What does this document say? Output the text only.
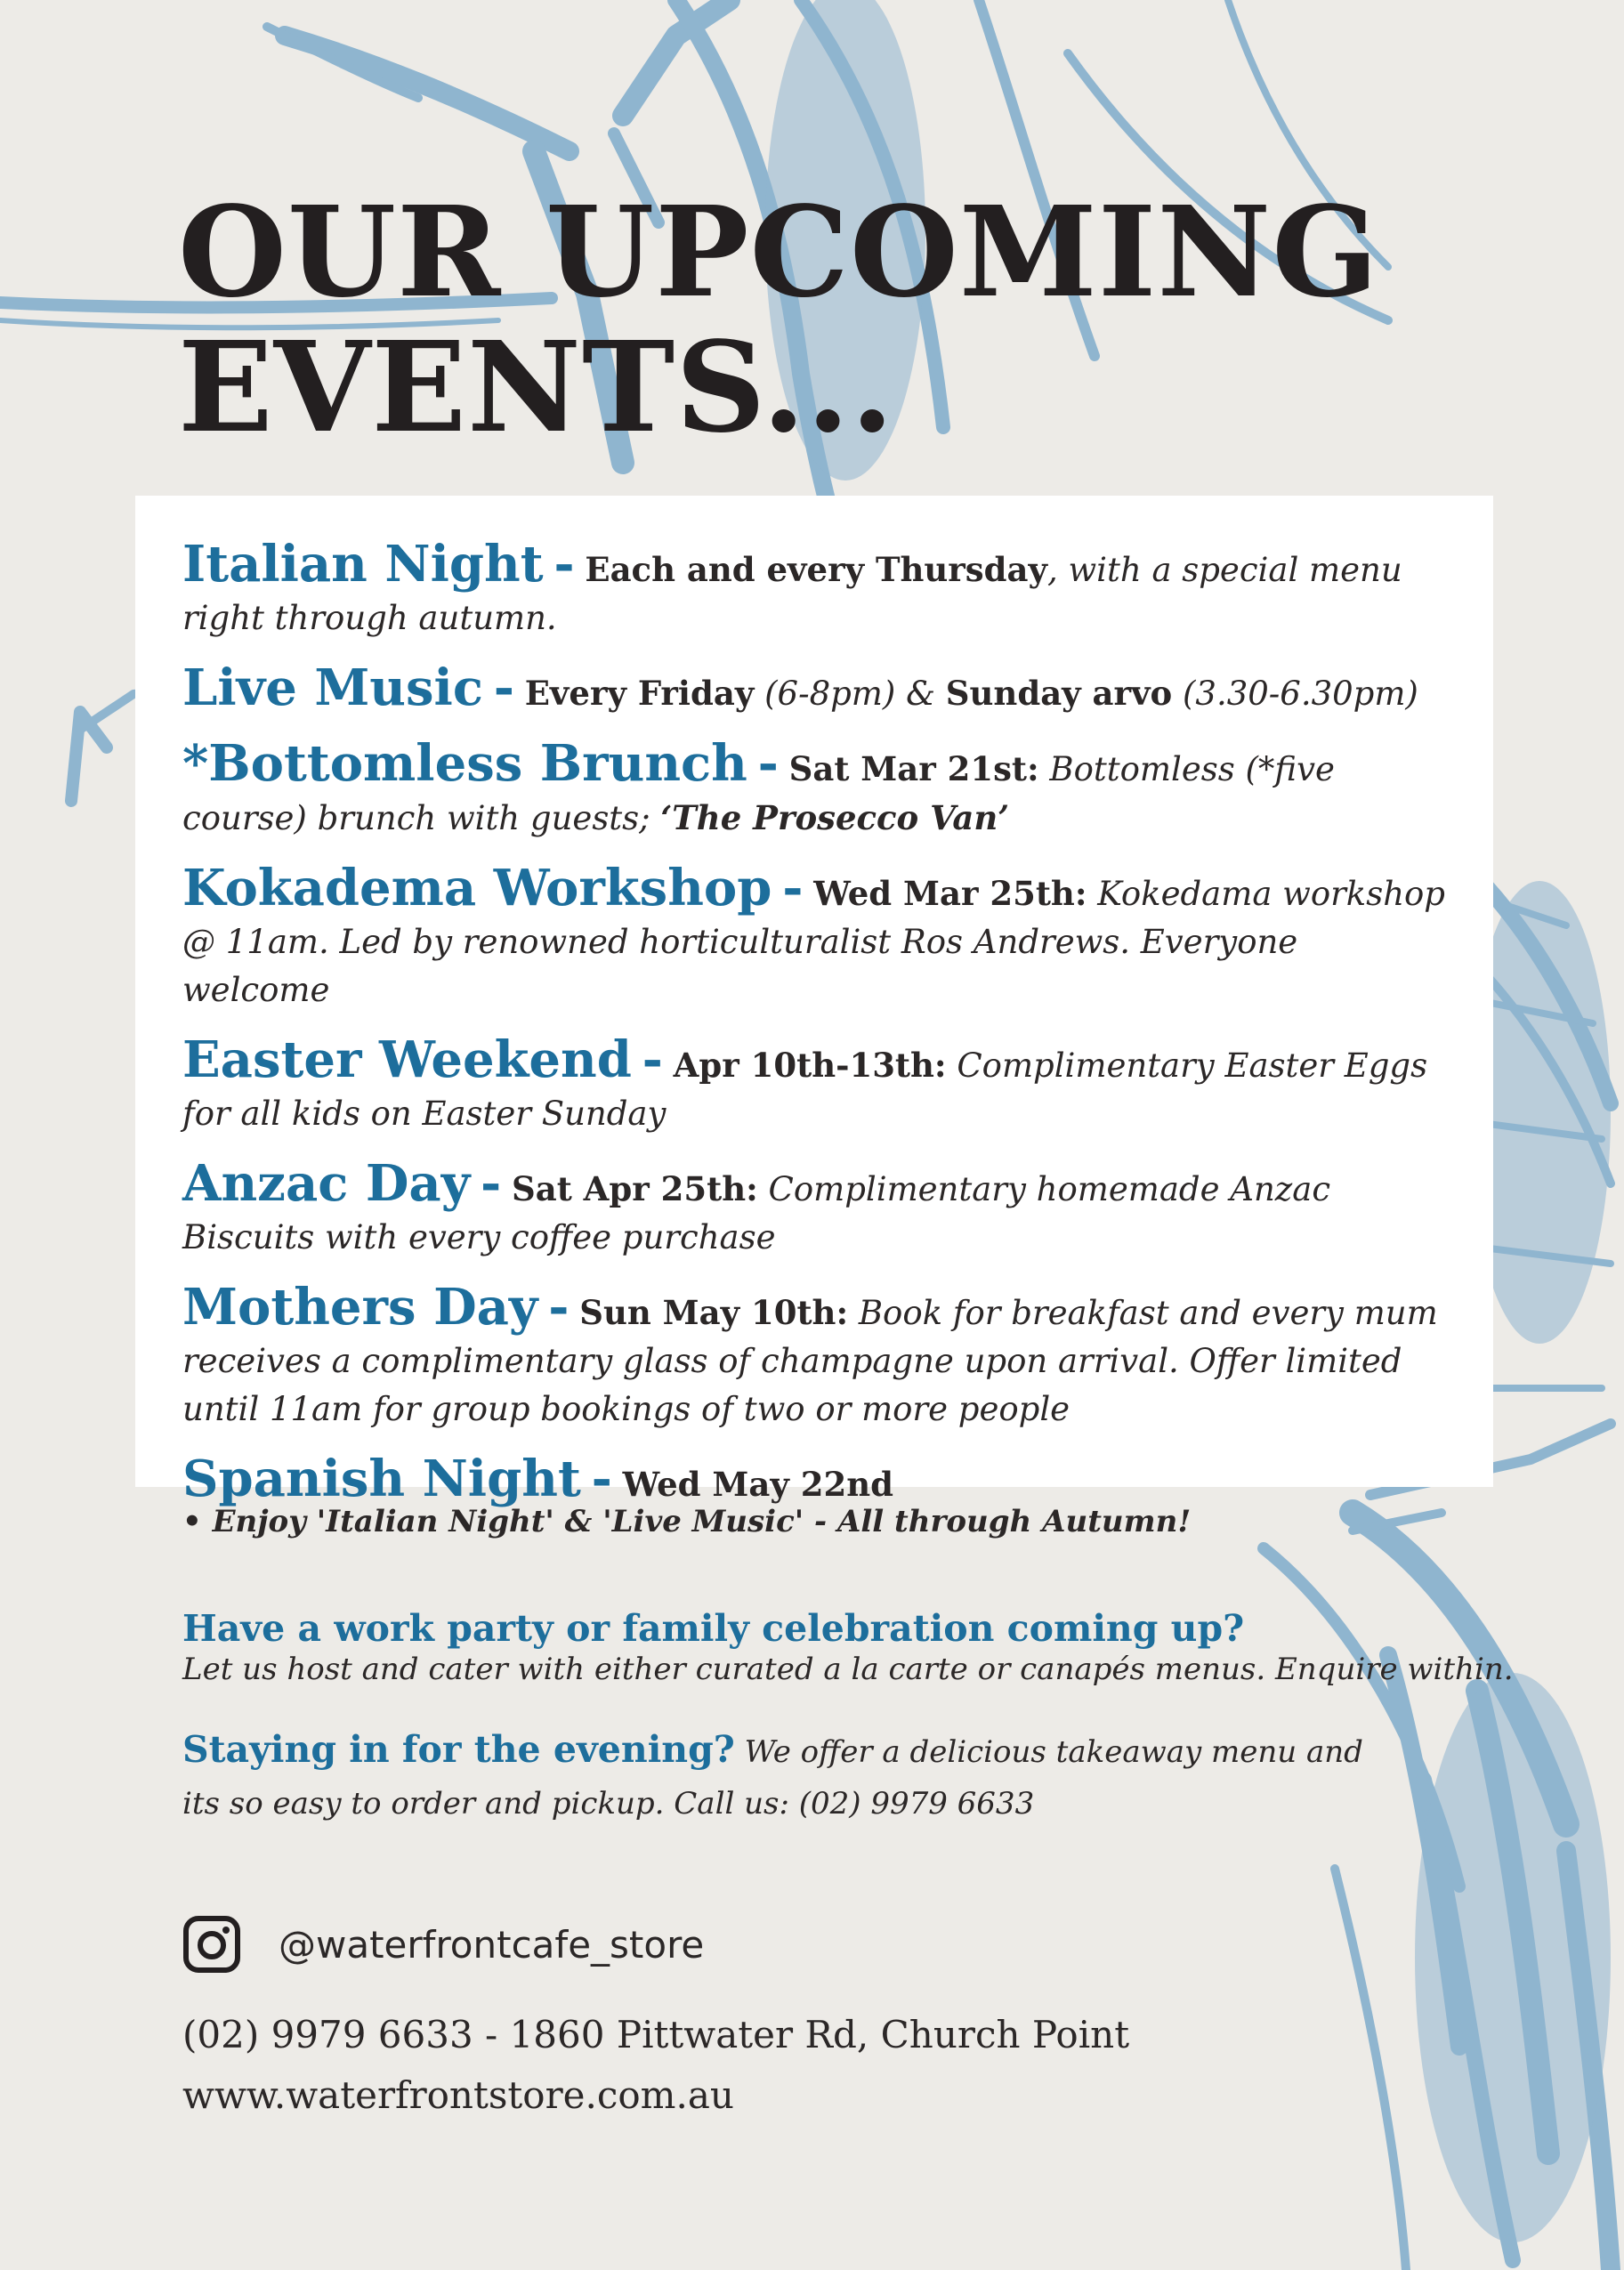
OUR UPCOMING
EVENTS...

Italian Night - Each and every Thursday, with a special menu right through autumn.

Live Music - Every Friday (6-8pm) & Sunday arvo (3.30-6.30pm)

*Bottomless Brunch - Sat Mar 21st: Bottomless (*five course) brunch with guests; ‘The Prosecco Van’

Kokadema Workshop - Wed Mar 25th: Kokedama workshop @ 11am. Led by renowned horticulturalist Ros Andrews. Everyone welcome

Easter Weekend - Apr 10th-13th: Complimentary Easter Eggs for all kids on Easter Sunday

Anzac Day - Sat Apr 25th: Complimentary homemade Anzac Biscuits with every coffee purchase

Mothers Day - Sun May 10th: Book for breakfast and every mum receives a complimentary glass of champagne upon arrival. Offer limited until 11am for group bookings of two or more people

Spanish Night - Wed May 22nd

• Enjoy 'Italian Night' & 'Live Music' - All through Autumn!

Have a work party or family celebration coming up?
Let us host and cater with either curated a la carte or canapés menus. Enquire within.
Staying in for the evening? We offer a delicious takeaway menu and
its so easy to order and pickup. Call us: (02) 9979 6633
@waterfrontcafe_store

(02) 9979 6633 - 1860 Pittwater Rd, Church Point

www.waterfrontstore.com.au
